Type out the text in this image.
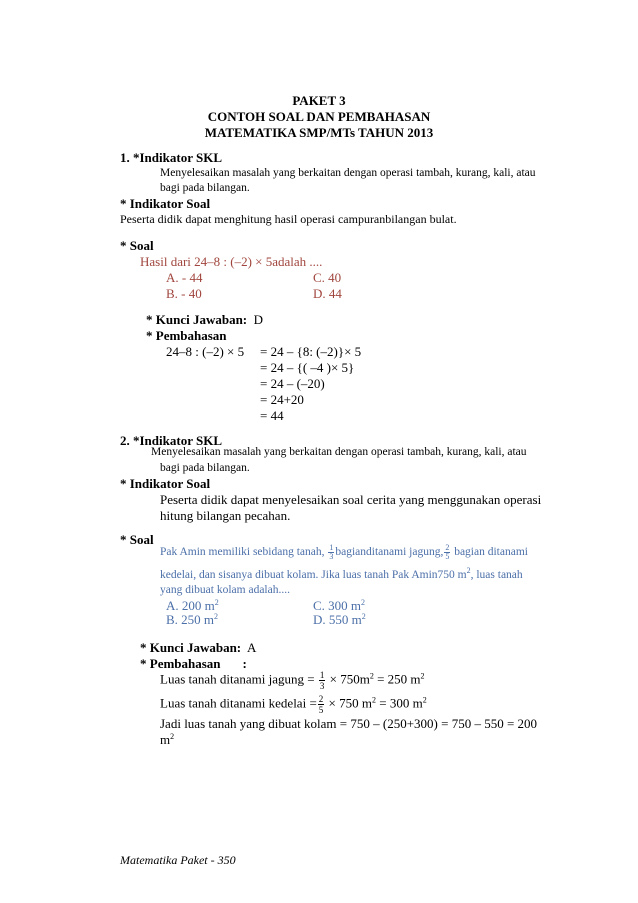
PAKET 3
CONTOH SOAL DAN PEMBAHASAN
MATEMATIKA SMP/MTs TAHUN 2013
1. *Indikator SKL
Menyelesaikan masalah yang berkaitan dengan operasi tambah, kurang, kali, atau
bagi pada bilangan.
* Indikator Soal
Peserta didik dapat menghitung hasil operasi campuranbilangan bulat.
* Soal
Hasil dari 24–8 : (–2) × 5adalah ....
A. - 44	C. 40
B. - 40	D. 44
* Kunci Jawaban: D
* Pembahasan
24–8 : (–2) × 5 = 24 – {8: (–2)}× 5
= 24 – {( –4 )× 5}
= 24 – (–20)
= 24+20
= 44
2. *Indikator SKL
Menyelesaikan masalah yang berkaitan dengan operasi tambah, kurang, kali, atau
bagi pada bilangan.
* Indikator Soal
Peserta didik dapat menyelesaikan soal cerita yang menggunakan operasi
hitung bilangan pecahan.
* Soal
Pak Amin memiliki sebidang tanah, $\frac{1}{3}$ bagianditanami jagung, $\frac{2}{5}$ bagian ditanami
kedelai, dan sisanya dibuat kolam. Jika luas tanah Pak Amin750 $m^2$, luas tanah
yang dibuat kolam adalah....
A. 200 $m^2$	C. 300 $m^2$
B. 250 $m^2$	D. 550 $m^2$
* Kunci Jawaban: A
* Pembahasan :
Luas tanah ditanami jagung = $\frac{1}{3} \times 750m^2 = 250$ $m^2$
Luas tanah ditanami kedelai = $\frac{2}{5} \times 750$ $m^2 = 300$ $m^2$
Jadi luas tanah yang dibuat kolam = 750 – (250+300) = 750 – 550 = 200
$m^2$
Matematika Paket - 350
